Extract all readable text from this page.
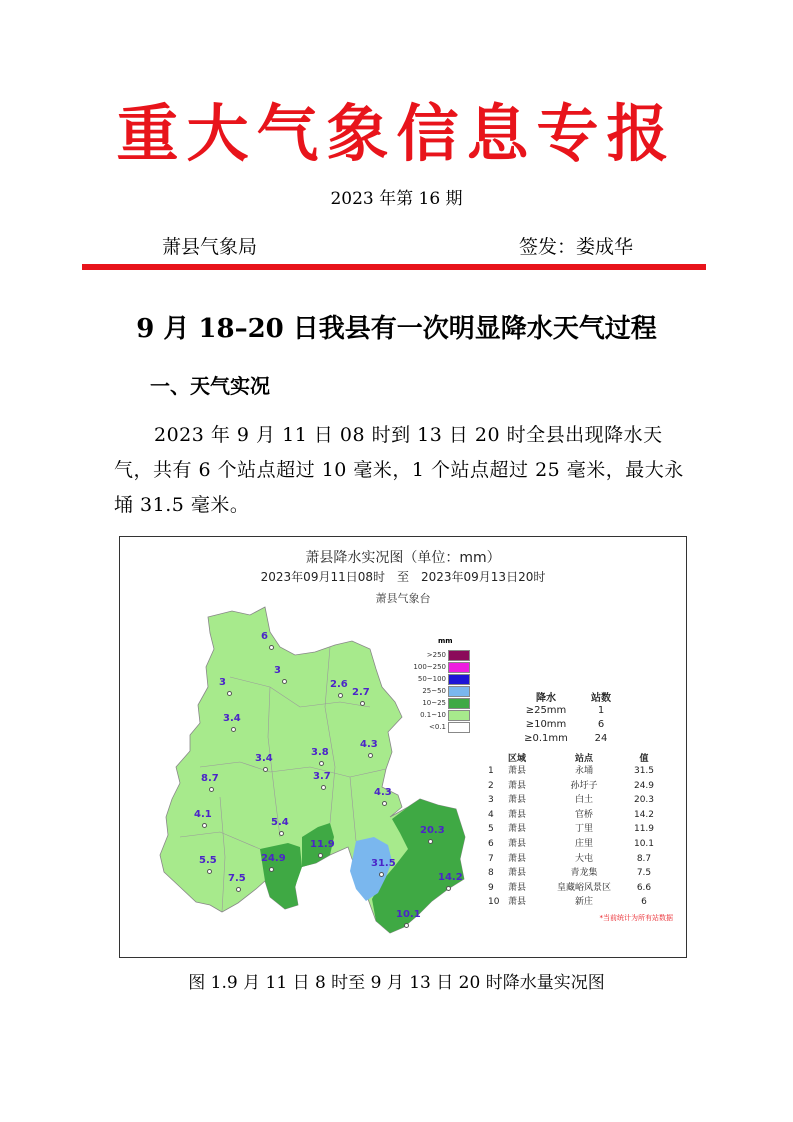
重大气象信息专报
2023 年第 16 期
萧县气象局	签发：娄成华
9 月 18–20 日我县有一次明显降水天气过程
一、天气实况
2023 年 9 月 11 日 08 时到 13 日 20 时全县出现降水天气，共有 6 个站点超过 10 毫米，1 个站点超过 25 毫米，最大永埇 31.5 毫米。
萧县降水实况图（单位：mm）
2023年09月11日08时　至　2023年09月13日20时
萧县气象台
6
3
3
2.6
2.7
3.4
3.8
4.3
3.4
3.7
8.7
4.3
4.1
5.4
11.9
20.3
5.5	24.9	31.5
14.2
7.5
10.1
mm
>250
100~250
50~100
25~50
10~25
0.1~10
<0.1
降水	站数
≥25mm	1
≥10mm	6
≥0.1mm	24
区域	站点	值
1	萧县	永埇	31.5
2	萧县	孙圩子	24.9
3	萧县	白土	20.3
4	萧县	官桥	14.2
5	萧县	丁里	11.9
6	萧县	庄里	10.1
7	萧县	大屯	8.7
8	萧县	青龙集	7.5
9	萧县	皇藏峪风景区	6.6
10 萧县	新庄	6
*当前统计为所有站数据
图 1.9 月 11 日 8 时至 9 月 13 日 20 时降水量实况图
